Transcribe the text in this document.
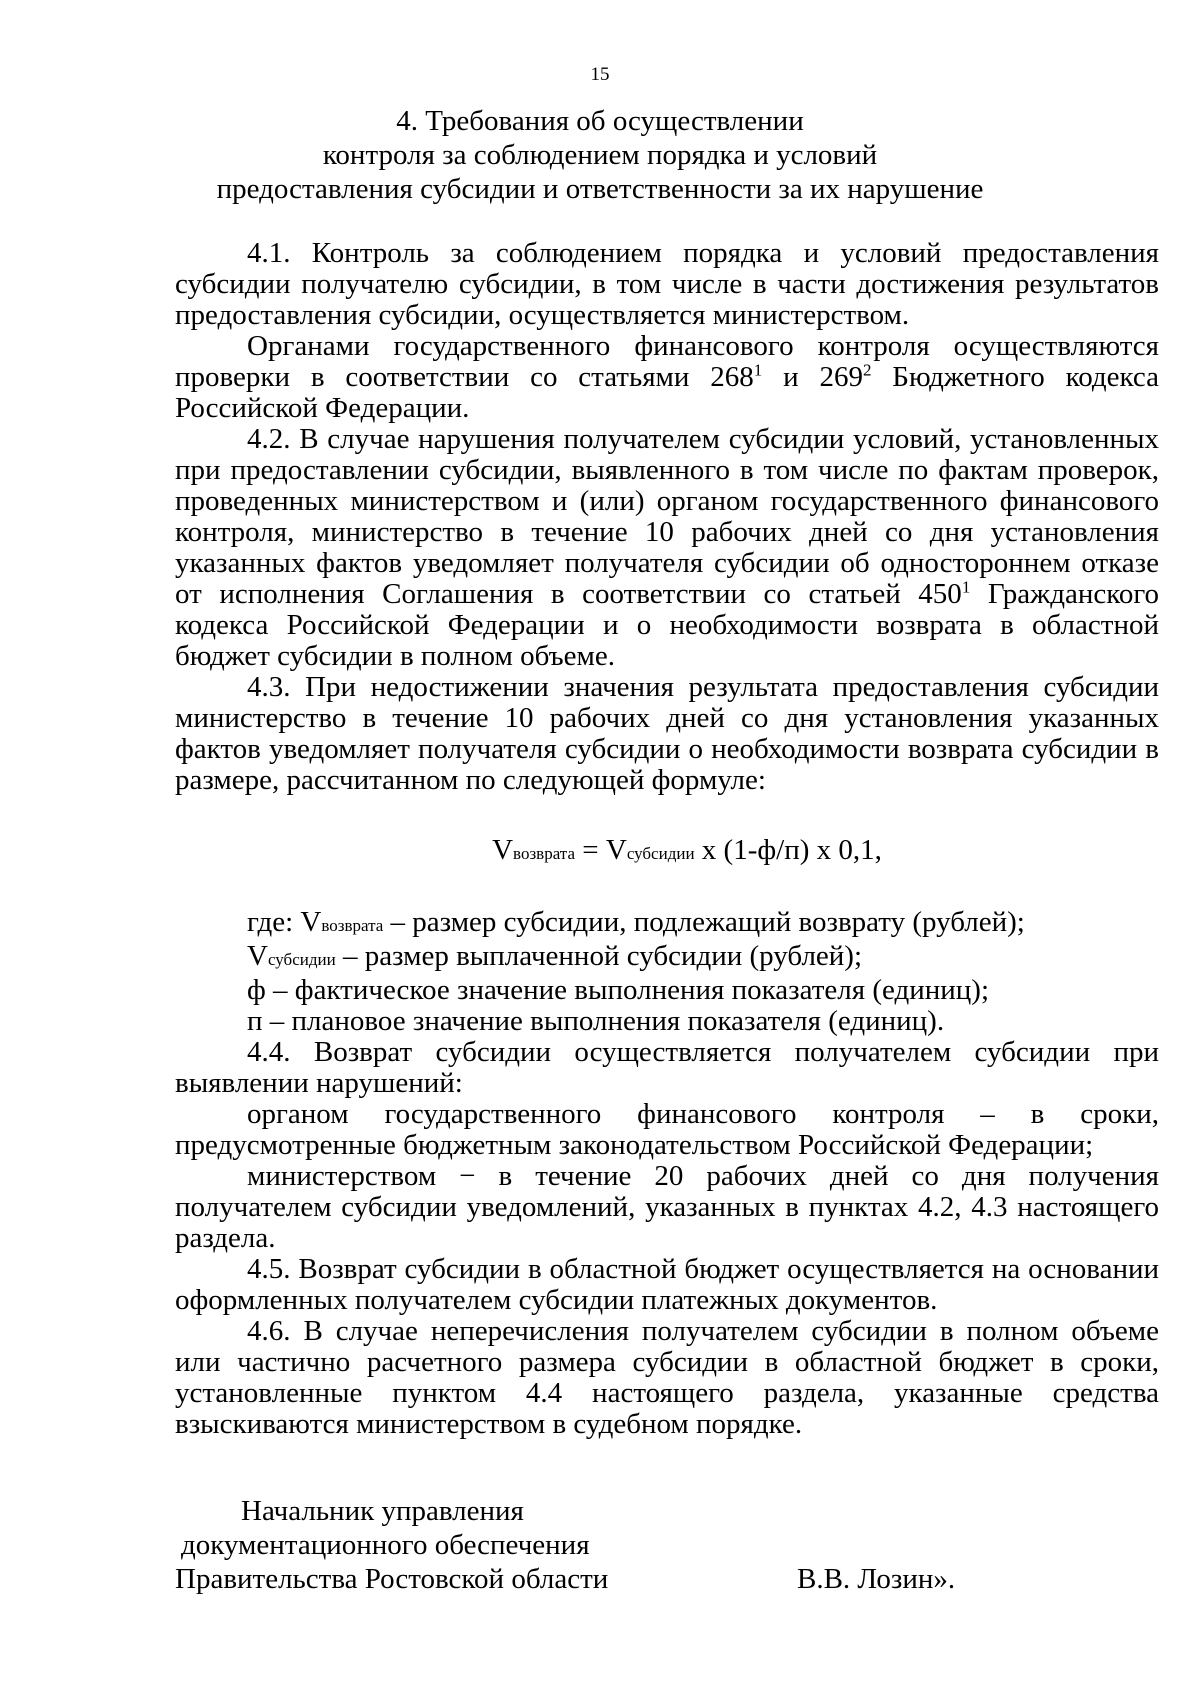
15
4. Требования об осуществлении
контроля за соблюдением порядка и условий
предоставления субсидии и ответственности за их нарушение

4.1. Контроль за соблюдением порядка и условий предоставления субсидии получателю субсидии, в том числе в части достижения результатов предоставления субсидии, осуществляется министерством.

Органами государственного финансового контроля осуществляются проверки в соответствии со статьями $268^1$ и $269^2$ Бюджетного кодекса Российской Федерации.

4.2. В случае нарушения получателем субсидии условий, установленных при предоставлении субсидии, выявленного в том числе по фактам проверок, проведенных министерством и (или) органом государственного финансового контроля, министерство в течение 10 рабочих дней со дня установления указанных фактов уведомляет получателя субсидии об одностороннем отказе от исполнения Соглашения в соответствии со статьей $450^1$ Гражданского кодекса Российской Федерации и о необходимости возврата в областной бюджет субсидии в полном объеме.

4.3. При недостижении значения результата предоставления субсидии министерство в течение 10 рабочих дней со дня установления указанных фактов уведомляет получателя субсидии о необходимости возврата субсидии в размере, рассчитанном по следующей формуле:

Vвозврата = Vсубсидии х (1-ф/п) х 0,1,
где: Vвозврата – размер субсидии, подлежащий возврату (рублей);
Vсубсидии – размер выплаченной субсидии (рублей);
ф – фактическое значение выполнения показателя (единиц);
п – плановое значение выполнения показателя (единиц).

4.4. Возврат субсидии осуществляется получателем субсидии при выявлении нарушений:

органом государственного финансового контроля – в сроки, предусмотренные бюджетным законодательством Российской Федерации;

министерством − в течение 20 рабочих дней со дня получения получателем субсидии уведомлений, указанных в пунктах 4.2, 4.3 настоящего раздела.

4.5. Возврат субсидии в областной бюджет осуществляется на основании оформленных получателем субсидии платежных документов.

4.6. В случае неперечисления получателем субсидии в полном объеме или частично расчетного размера субсидии в областной бюджет в сроки, установленные пунктом 4.4 настоящего раздела, указанные средства взыскиваются министерством в судебном порядке.

Начальник управления
документационного обеспечения
Правительства Ростовской области	В.В. Лозин».
